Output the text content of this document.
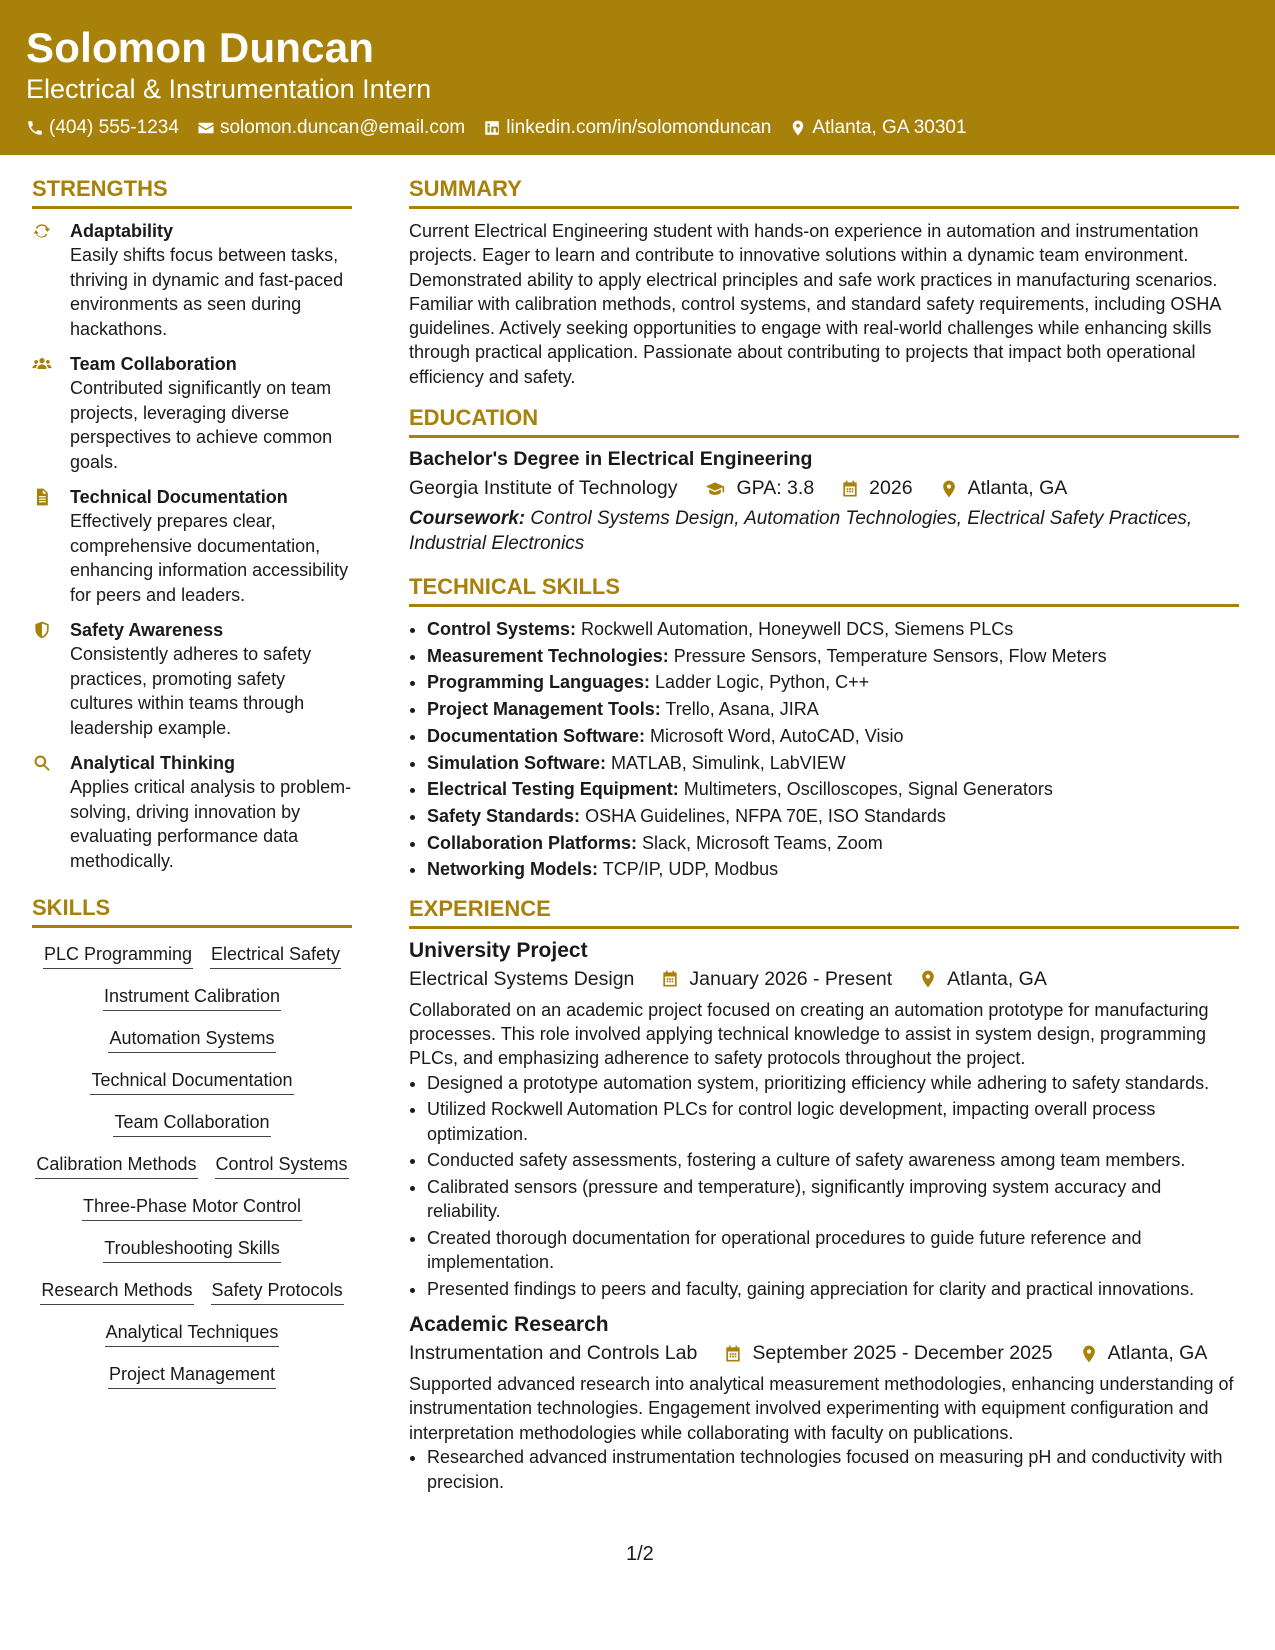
Solomon Duncan
Electrical & Instrumentation Intern
(404) 555-1234 solomon.duncan@email.com linkedin.com/in/solomonduncan Atlanta, GA 30301
STRENGTHS
Adaptability
Easily shifts focus between tasks, thriving in dynamic and fast-paced environments as seen during hackathons.
Team Collaboration
Contributed significantly on team projects, leveraging diverse perspectives to achieve common goals.
Technical Documentation
Effectively prepares clear, comprehensive documentation, enhancing information accessibility for peers and leaders.
Safety Awareness
Consistently adheres to safety practices, promoting safety cultures within teams through leadership example.
Analytical Thinking
Applies critical analysis to problem-solving, driving innovation by evaluating performance data methodically.
SKILLS
PLC Programming Electrical Safety
Instrument Calibration
Automation Systems
Technical Documentation
Team Collaboration
Calibration Methods Control Systems
Three-Phase Motor Control
Troubleshooting Skills
Research Methods Safety Protocols
Analytical Techniques
Project Management
SUMMARY
Current Electrical Engineering student with hands-on experience in automation and instrumentation projects. Eager to learn and contribute to innovative solutions within a dynamic team environment. Demonstrated ability to apply electrical principles and safe work practices in manufacturing scenarios. Familiar with calibration methods, control systems, and standard safety requirements, including OSHA guidelines. Actively seeking opportunities to engage with real-world challenges while enhancing skills through practical application. Passionate about contributing to projects that impact both operational efficiency and safety.
EDUCATION
Bachelor's Degree in Electrical Engineering
Georgia Institute of Technology	GPA: 3.8	2026	Atlanta, GA
Coursework: Control Systems Design, Automation Technologies, Electrical Safety Practices, Industrial Electronics
TECHNICAL SKILLS
• Control Systems: Rockwell Automation, Honeywell DCS, Siemens PLCs
• Measurement Technologies: Pressure Sensors, Temperature Sensors, Flow Meters
• Programming Languages: Ladder Logic, Python, C++
• Project Management Tools: Trello, Asana, JIRA
• Documentation Software: Microsoft Word, AutoCAD, Visio
• Simulation Software: MATLAB, Simulink, LabVIEW
• Electrical Testing Equipment: Multimeters, Oscilloscopes, Signal Generators
• Safety Standards: OSHA Guidelines, NFPA 70E, ISO Standards
• Collaboration Platforms: Slack, Microsoft Teams, Zoom
• Networking Models: TCP/IP, UDP, Modbus
EXPERIENCE
University Project
Electrical Systems Design	January 2026 - Present	Atlanta, GA
Collaborated on an academic project focused on creating an automation prototype for manufacturing processes. This role involved applying technical knowledge to assist in system design, programming PLCs, and emphasizing adherence to safety protocols throughout the project.
• Designed a prototype automation system, prioritizing efficiency while adhering to safety standards.
• Utilized Rockwell Automation PLCs for control logic development, impacting overall process optimization.
• Conducted safety assessments, fostering a culture of safety awareness among team members.
• Calibrated sensors (pressure and temperature), significantly improving system accuracy and reliability.
• Created thorough documentation for operational procedures to guide future reference and implementation.
• Presented findings to peers and faculty, gaining appreciation for clarity and practical innovations.
Academic Research
Instrumentation and Controls Lab	September 2025 - December 2025	Atlanta, GA
Supported advanced research into analytical measurement methodologies, enhancing understanding of instrumentation technologies. Engagement involved experimenting with equipment configuration and interpretation methodologies while collaborating with faculty on publications.
• Researched advanced instrumentation technologies focused on measuring pH and conductivity with precision.
1/2
